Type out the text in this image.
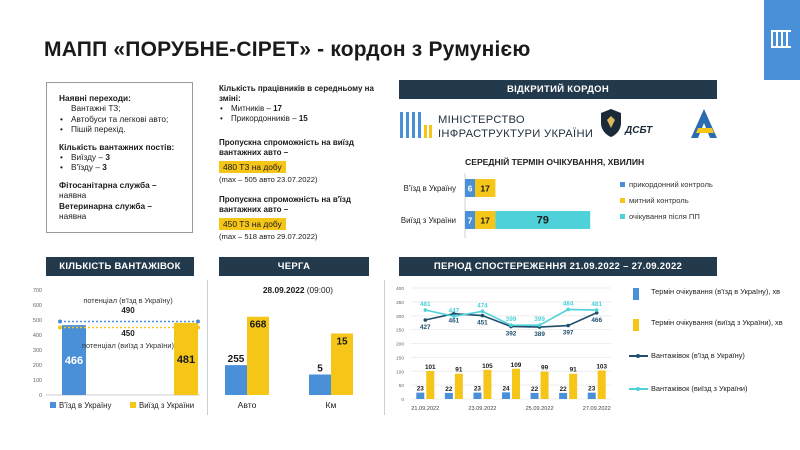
МАПП «ПОРУБНЕ-СІРЕТ» - кордон з Румунією
Наявні переходи:
Вантажні ТЗ;
• Автобуси та легкові авто;
• Пішій перехід.
Кількість вантажних постів:
• Виїзду – 3
• В'їзду – 3
Фітосанітарна служба –
наявна
Ветеринарна служба –
наявна
Кількість працівників в середньому на зміні:
• Митників – 17
• Прикордонників – 15
Пропускна спроможність на виїзд вантажних авто –
480 ТЗ на добу
(max – 505 авто 23.07.2022)
Пропускна спроможність на в'їзд вантажних авто –
450 ТЗ на добу
(max – 518 авто 29.07.2022)
ВІДКРИТИЙ КОРДОН
МІНІСТЕРСТВО
ІНФРАСТРУКТУРИ УКРАЇНИ	ДСБТ
СЕРЕДНІЙ ТЕРМІН ОЧІКУВАННЯ, ХВИЛИН
В'їзд в Україну
Виїзд з України
6 17
7 17	79
прикордонний контроль
митний контроль
очікування після ПП
КІЛЬКІСТЬ ВАНТАЖІВОК	ЧЕРГА	ПЕРІОД СПОСТЕРЕЖЕННЯ 21.09.2022 – 27.09.2022
0
100
200
300
400
500
600
700
466	481
потенціал (в'їзд в Україну)
490
450
потенціал (виїзд з України)
В'їзд в Україну	Виїзд з України
28.09.2022 (09:00)
255
668
Авто
5
15
Км	0
50
100
150
200
250
300
350
400
21.09.2022	23.09.2022	25.09.2022	27.09.2022
23	22	23	24	22	22	23
101	91
105	109	99	91	103
427
461	451
392	389	397
466
481
447
474
399	399
484	481
Термін очікування (в'їзд в Україну), хв
Термін очікування (виїзд з України), хв
Вантажівок (в'їзд в Україну)
Вантажівок (виїзд з України)
